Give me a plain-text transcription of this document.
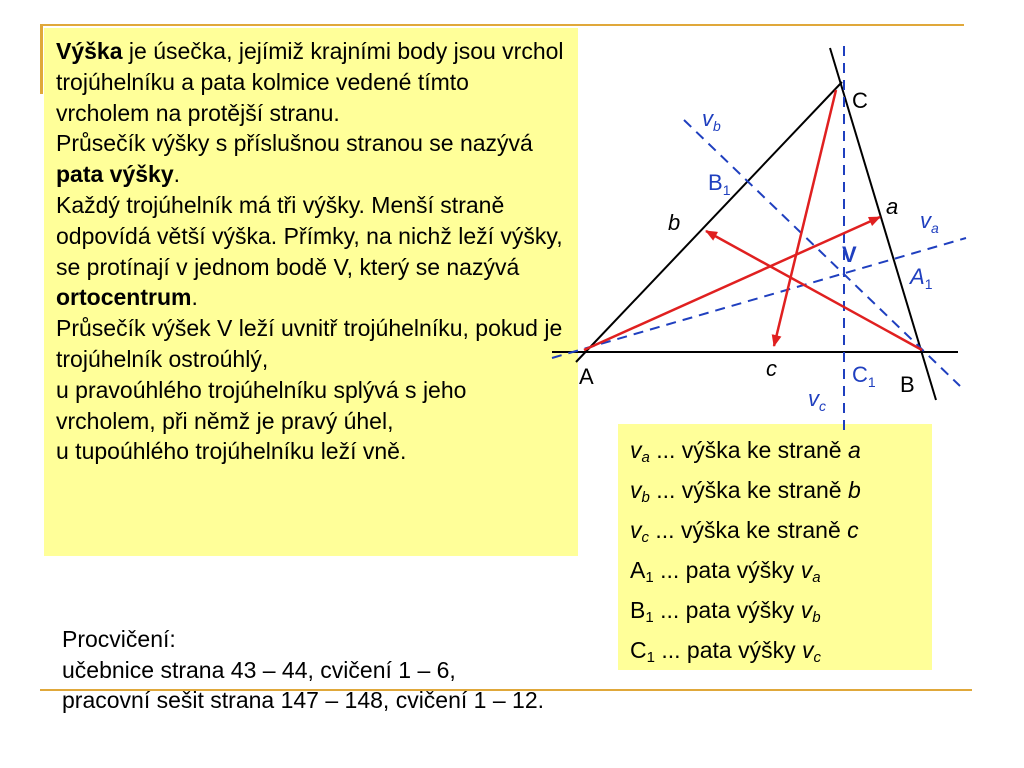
Výška je úsečka, jejímiž krajními body jsou vrchol trojúhelníku a pata kolmice vedené tímto vrcholem na protější stranu.

Průsečík výšky s příslušnou stranou se nazývá pata výšky.

Každý trojúhelník má tři výšky. Menší straně odpovídá větší výška. Přímky, na nichž leží výšky, se protínají v jednom bodě V, který se nazývá ortocentrum.

Průsečík výšek V leží uvnitř trojúhelníku, pokud je trojúhelník ostroúhlý,
u pravoúhlého trojúhelníku splývá s jeho vrcholem, při němž je pravý úhel,
u tupoúhlého trojúhelníku leží vně.	$v_a$ ... výška ke straně a
$v_b$ ... výška ke straně b
$v_c$ ... výška ke straně c
$A_1$ ... pata výšky $v_a$
$B_1$ ... pata výšky $v_b$
$C_1$ ... pata výšky $v_c$
Procvičení:
učebnice strana 43 – 44, cvičení 1 – 6,
pracovní sešit strana 147 – 148, cvičení 1 – 12.
A	B
C
a
b
c
$A_1$
$B_1$
$C_1$
V
$v_a$
$v_b$
$v_c$
